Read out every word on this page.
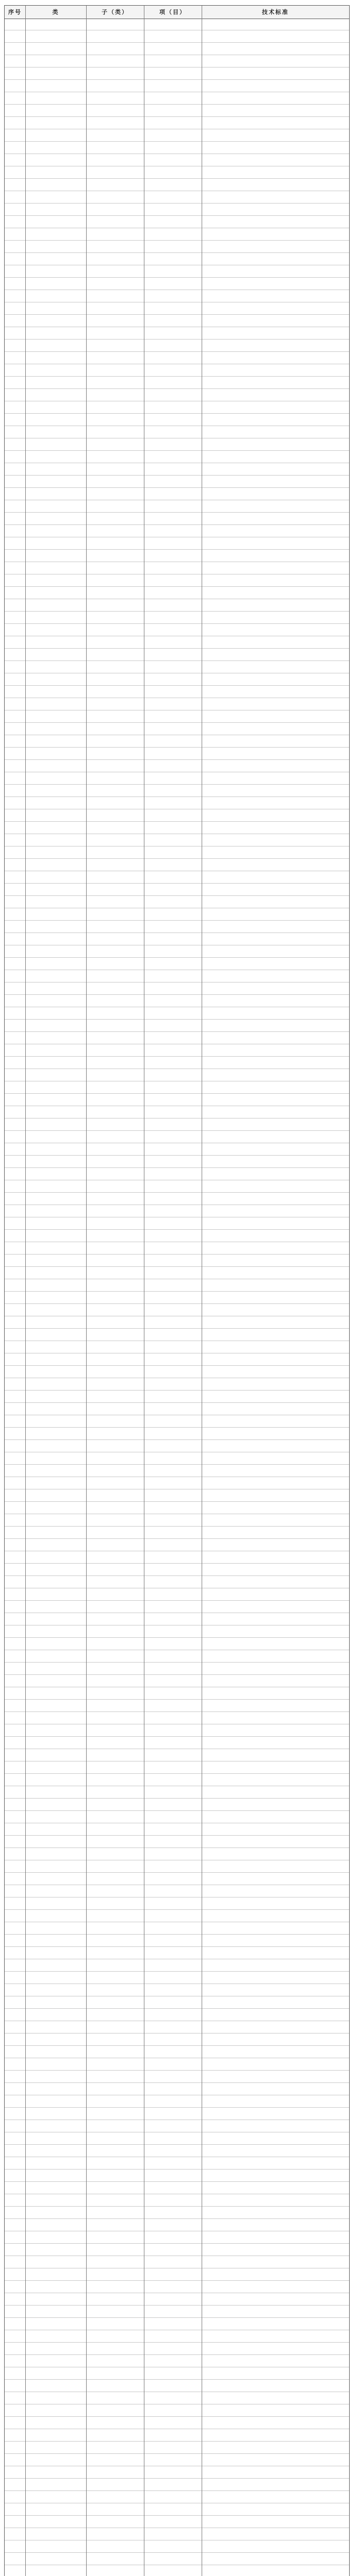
序号	类	子（类）	项（目）	技术标准
